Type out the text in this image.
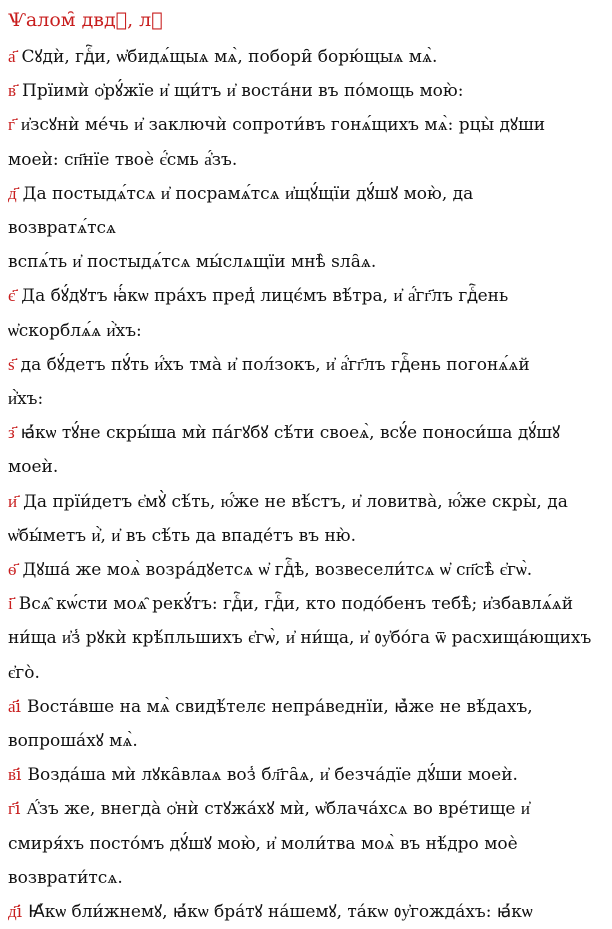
Ѱалом̑ двдⷹ, лⷣ

а҃ Сꙋдѝ, гдⷭ҇и, ѡ҆бидѧ́щыѧ мѧ̀, побори̑ борю́щыѧ мѧ̀.

в҃ Прїимѝ ѻ҆рꙋ́жїе и҆ щи́тъ и҆ воста́ни въ по́мощь мою̀:

г҃ и҆зсꙋнѝ ме́чь и҆ заключѝ сопроти́въ гонѧ́щихъ мѧ̀: рцы̀ дꙋши
моеѝ: сп҃нїе твоѐ є҆́смь а҆́зъ.

д҃ Да постыдѧ́тсѧ и҆ посрамѧ́тсѧ и҆щꙋ́щїи дꙋ́шꙋ мою̀, да
возвратѧ́тсѧ
вспѧ́ть и҆ постыдѧ́тсѧ мы́слѧщїи мнѣ̀ ѕла̑ѧ.

є҃ Да бꙋ́дꙋтъ ꙗ҆́кѡ пра́хъ пред̾ лицє́мъ вѣ́тра, и҆ а҆́гг҃лъ гдⷭ҇ень
ѡ҆скорблѧ́ѧ и҆̀хъ:

ѕ҃ да бꙋ́детъ пꙋ́ть и҆́хъ тма̀ и҆ пол́зокъ, и҆ а҆́гг҃лъ гдⷭ҇ень погонѧ́ѧй
и҆̀хъ:

з҃ ꙗ҆́кѡ тꙋ́не скры́ша мѝ па́гꙋбꙋ сѣ́ти своеѧ̀, всꙋ́е поноси́ша дꙋ́шꙋ
моеѝ.

и҃ Да прїи́детъ є҆мꙋ̀ сѣ́ть, ю҆́же не вѣ́стъ, и҆ ловитва̀, ю҆́же скры̀, да
ѡ҆бы́метъ и҆̀, и҆ въ сѣ́ть да впаде́тъ въ ню̀.

ѳ҃ Дꙋша́ же моѧ̀ возра́дꙋетсѧ ѡ҆ гдⷭ҇ѣ, возвесели́тсѧ ѡ҆ сп҃сѣ̀ є҆гѡ̀.

і҃ Всѧ̑ кѡ́сти моѧ̑ рекꙋ́тъ: гдⷭ҇и, гдⷭ҇и, кто подо́бенъ тебѣ̀; и҆збавлѧ́ѧй
ни́ща и҆з̾ рꙋкѝ крѣ́пльшихъ є҆гѡ̀, и҆ ни́ща, и҆ ᲂу҆бо́га ѿ расхища́ющихъ
є҆го̀.

а҃і Воста́вше на мѧ̀ свидѣ́телє непра́веднїи, ꙗ҆̀же не вѣ́дахъ,
вопроша́хꙋ мѧ̀.

в҃і Возда́ша мѝ лꙋка̑влаѧ воз̾ бл҃га̑ѧ, и҆ безча́дїе дꙋ́ши моеѝ.

г҃і А҆́зъ же, внегда̀ ѻ҆нѝ стꙋжа́хꙋ мѝ, ѡ҆блача́хсѧ во вре́тище и҆
смиря́хъ посто́мъ дꙋ́шꙋ мою̀, и҆ моли́тва моѧ̀ въ нѣ́дро моѐ
возврати́тсѧ.

д҃і Ꙗ҆́кѡ бли́жнемꙋ, ꙗ҆́кѡ бра́тꙋ на́шемꙋ, та́кѡ ᲂу҆гожда́хъ: ꙗ҆́кѡ
